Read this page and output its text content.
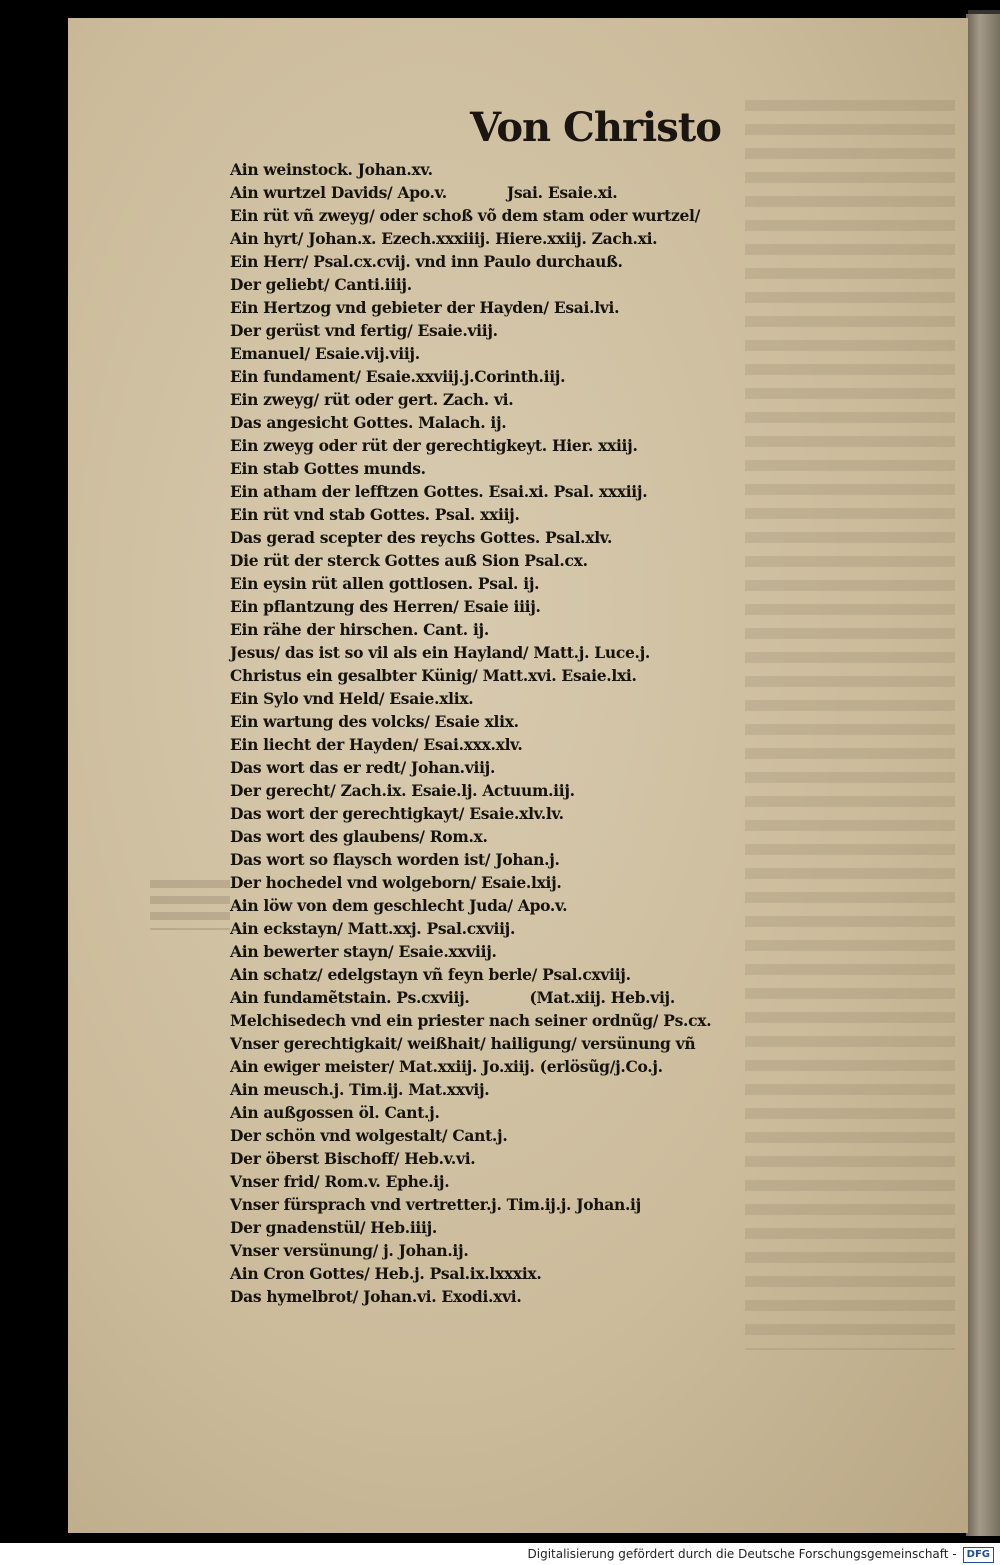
Von Christo
Ain weinstock. Johan.xv.
Ain wurtzel Davids/ Apo.v.	Jsai. Esaie.xi.
Ein rüt vñ zweyg/ oder schoß võ dem stam oder wurtzel/
Ain hyrt/ Johan.x. Ezech.xxxiiij. Hiere.xxiij. Zach.xi.
Ein Herr/ Psal.cx.cvij. vnd inn Paulo durchauß.
Der geliebt/ Canti.iiij.
Ein Hertzog vnd gebieter der Hayden/ Esai.lvi.
Der gerüst vnd fertig/ Esaie.viij.
Emanuel/ Esaie.vij.viij.
Ein fundament/ Esaie.xxviij.j.Corinth.iij.
Ein zweyg/ rüt oder gert. Zach. vi.
Das angesicht Gottes. Malach. ij.
Ein zweyg oder rüt der gerechtigkeyt. Hier. xxiij.
Ein stab Gottes munds.
Ein atham der lefftzen Gottes. Esai.xi. Psal. xxxiij.
Ein rüt vnd stab Gottes. Psal. xxiij.
Das gerad scepter des reychs Gottes. Psal.xlv.
Die rüt der sterck Gottes auß Sion Psal.cx.
Ein eysin rüt allen gottlosen. Psal. ij.
Ein pflantzung des Herren/ Esaie iiij.
Ein rähe der hirschen. Cant. ij.
Jesus/ das ist so vil als ein Hayland/ Matt.j. Luce.j.
Christus ein gesalbter Künig/ Matt.xvi. Esaie.lxi.
Ein Sylo vnd Held/ Esaie.xlix.
Ein wartung des volcks/ Esaie xlix.
Ein liecht der Hayden/ Esai.xxx.xlv.
Das wort das er redt/ Johan.viij.
Der gerecht/ Zach.ix. Esaie.lj. Actuum.iij.
Das wort der gerechtigkayt/ Esaie.xlv.lv.
Das wort des glaubens/ Rom.x.
Das wort so flaysch worden ist/ Johan.j.
Der hochedel vnd wolgeborn/ Esaie.lxij.
Ain löw von dem geschlecht Juda/ Apo.v.
Ain eckstayn/ Matt.xxj. Psal.cxviij.
Ain bewerter stayn/ Esaie.xxviij.
Ain schatz/ edelgstayn vñ feyn berle/ Psal.cxviij.
Ain fundamẽtstain. Ps.cxviij.	(Mat.xiij. Heb.vij.
Melchisedech vnd ein priester nach seiner ordnũg/ Ps.cx.
Vnser gerechtigkait/ weißhait/ hailigung/ versünung vñ
Ain ewiger meister/ Mat.xxiij. Jo.xiij. (erlösũg/j.Co.j.
Ain meusch.j. Tim.ij. Mat.xxvij.
Ain außgossen öl. Cant.j.
Der schön vnd wolgestalt/ Cant.j.
Der öberst Bischoff/ Heb.v.vi.
Vnser frid/ Rom.v. Ephe.ij.
Vnser fürsprach vnd vertretter.j. Tim.ij.j. Johan.ij
Der gnadenstül/ Heb.iiij.
Vnser versünung/ j. Johan.ij.
Ain Cron Gottes/ Heb.j. Psal.ix.lxxxix.
Das hymelbrot/ Johan.vi. Exodi.xvi.
Digitalisierung gefördert durch die Deutsche Forschungsgemeinschaft - DFG
